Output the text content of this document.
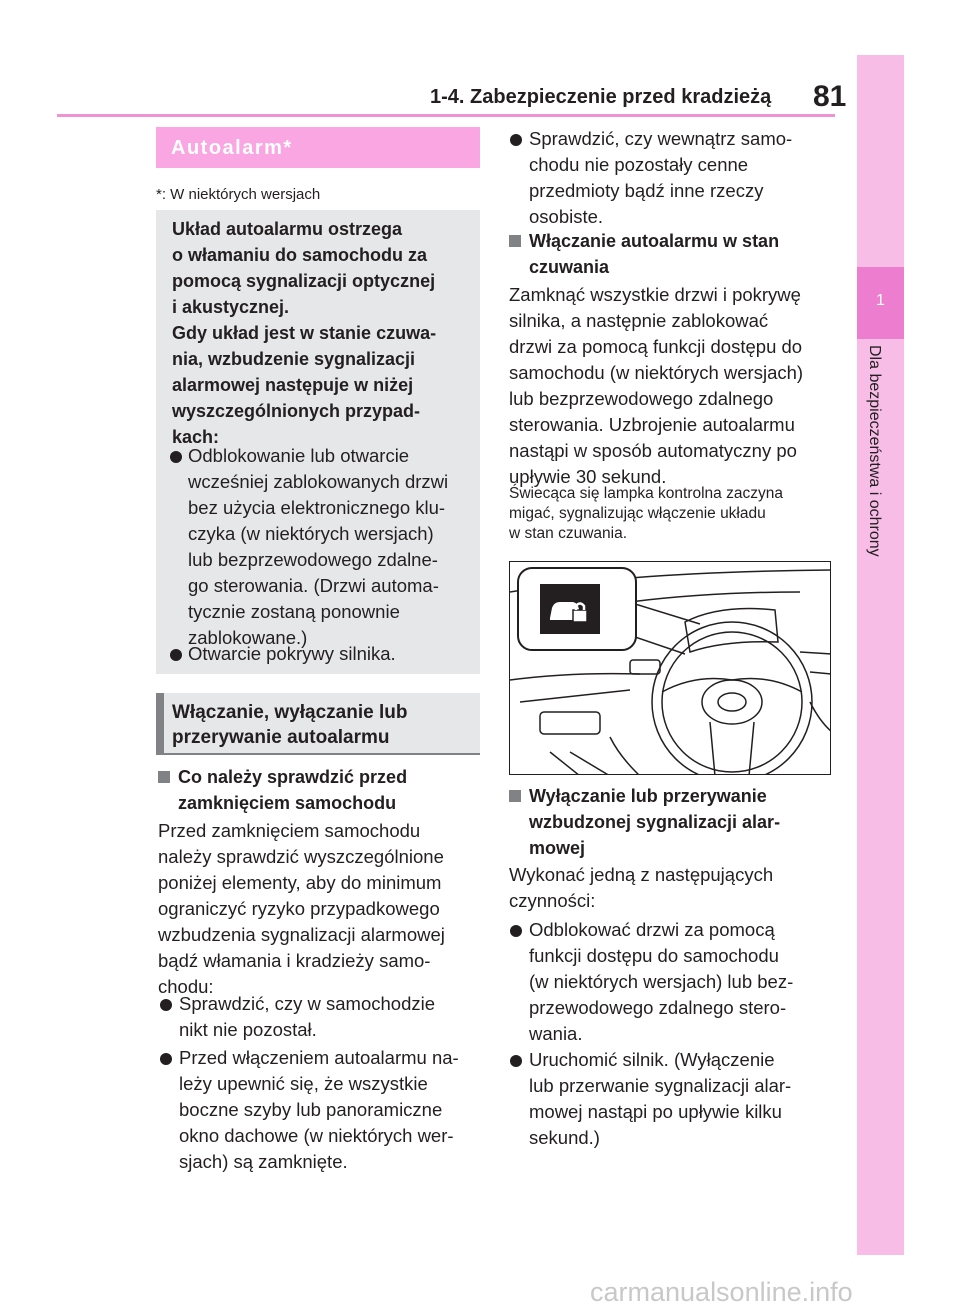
1-4. Zabezpieczenie przed kradzieżą 81
1
Dla bezpieczeństwa i ochrony
Autoalarm*
*: W niektórych wersjach
Układ autoalarmu ostrzega
o włamaniu do samochodu za
pomocą sygnalizacji optycznej
i akustycznej.
Gdy układ jest w stanie czuwa-
nia, wzbudzenie sygnalizacji
alarmowej następuje w niżej
wyszczególnionych przypad-
kach:
Odblokowanie lub otwarcie
wcześniej zablokowanych drzwi
bez użycia elektronicznego klu-
czyka (w niektórych wersjach)
lub bezprzewodowego zdalne-
go sterowania. (Drzwi automa-
tycznie zostaną ponownie
zablokowane.)
Otwarcie pokrywy silnika.
Włączanie, wyłączanie lub
przerywanie autoalarmu
Co należy sprawdzić przed
zamknięciem samochodu
Przed zamknięciem samochodu
należy sprawdzić wyszczególnione
poniżej elementy, aby do minimum
ograniczyć ryzyko przypadkowego
wzbudzenia sygnalizacji alarmowej
bądź włamania i kradzieży samo-
chodu:
Sprawdzić, czy w samochodzie
nikt nie pozostał.
Przed włączeniem autoalarmu na-
leży upewnić się, że wszystkie
boczne szyby lub panoramiczne
okno dachowe (w niektórych wer-
sjach) są zamknięte.
Sprawdzić, czy wewnątrz samo-
chodu nie pozostały cenne
przedmioty bądź inne rzeczy
osobiste.
Włączanie autoalarmu w stan
czuwania
Zamknąć wszystkie drzwi i pokrywę
silnika, a następnie zablokować
drzwi za pomocą funkcji dostępu do
samochodu (w niektórych wersjach)
lub bezprzewodowego zdalnego
sterowania. Uzbrojenie autoalarmu
nastąpi w sposób automatyczny po
upływie 30 sekund.
Świecąca się lampka kontrolna zaczyna
migać, sygnalizując włączenie układu
w stan czuwania.
Wyłączanie lub przerywanie
wzbudzonej sygnalizacji alar-
mowej
Wykonać jedną z następujących
czynności:
Odblokować drzwi za pomocą
funkcji dostępu do samochodu
(w niektórych wersjach) lub bez-
przewodowego zdalnego stero-
wania.
Uruchomić silnik. (Wyłączenie
lub przerwanie sygnalizacji alar-
mowej nastąpi po upływie kilku
sekund.)
carmanualsonline.info
